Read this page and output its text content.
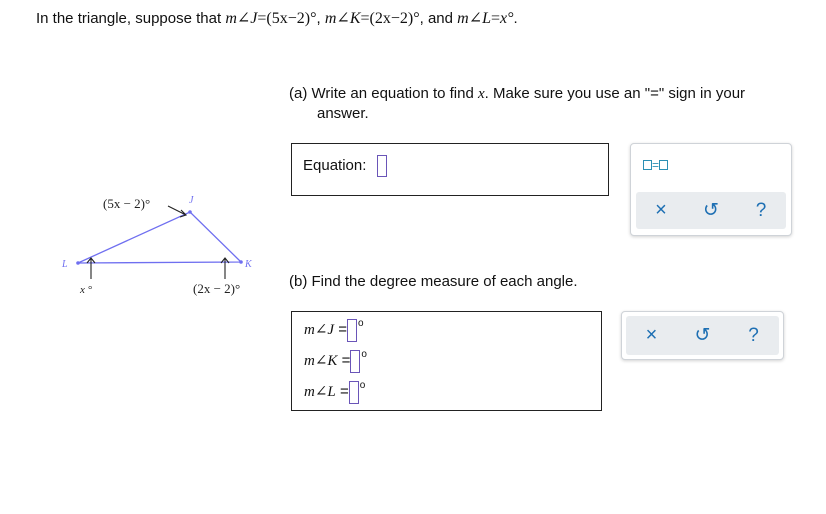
In the triangle, suppose that m∠J=(5x−2)°, m∠K=(2x−2)°, and m∠L=x°.
L
J
K
(5x − 2)°
x °	(2x − 2)°
(a) Write an equation to find x. Make sure you use an "=" sign in your
answer.
Equation:	=
×	↺	?
(b) Find the degree measure of each angle.
m∠J = $^o$
m∠K = $^o$
m∠L = $^o$
×	↺	?
